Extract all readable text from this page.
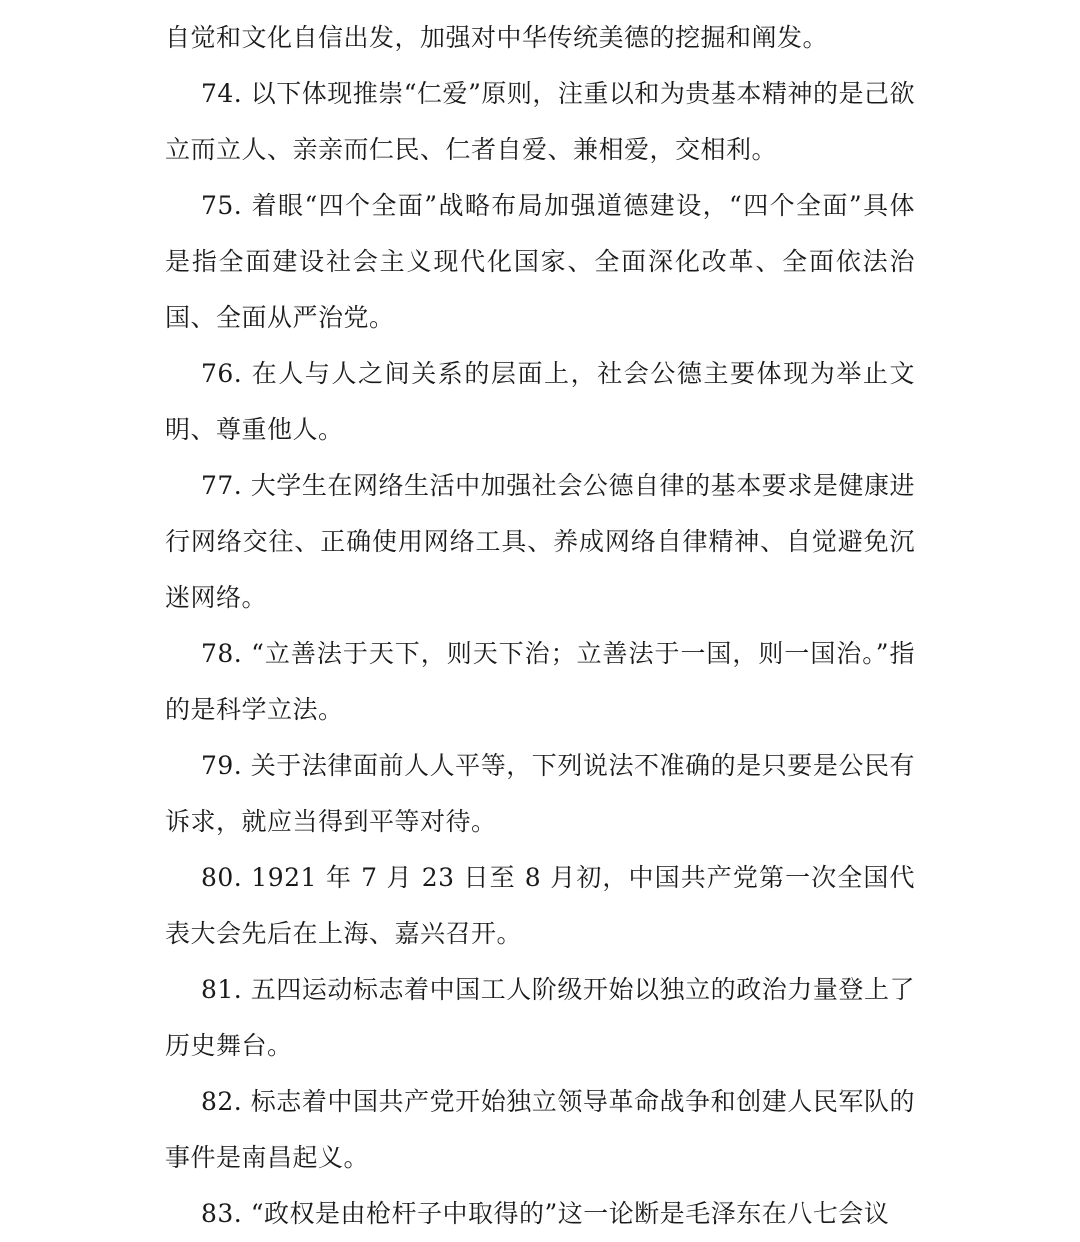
自觉和文化自信出发，加强对中华传统美德的挖掘和阐发。

74. 以下体现推崇“仁爱”原则，注重以和为贵基本精神的是己欲立而立人、亲亲而仁民、仁者自爱、兼相爱，交相利。

75. 着眼“四个全面”战略布局加强道德建设，“四个全面”具体是指全面建设社会主义现代化国家、全面深化改革、全面依法治国、全面从严治党。

76. 在人与人之间关系的层面上，社会公德主要体现为举止文明、尊重他人。

77. 大学生在网络生活中加强社会公德自律的基本要求是健康进行网络交往、正确使用网络工具、养成网络自律精神、自觉避免沉迷网络。

78. “立善法于天下，则天下治；立善法于一国，则一国治。”指的是科学立法。

79. 关于法律面前人人平等，下列说法不准确的是只要是公民有诉求，就应当得到平等对待。

80. 1921 年 7 月 23 日至 8 月初，中国共产党第一次全国代表大会先后在上海、嘉兴召开。

81. 五四运动标志着中国工人阶级开始以独立的政治力量登上了历史舞台。

82. 标志着中国共产党开始独立领导革命战争和创建人民军队的事件是南昌起义。

83. “政权是由枪杆子中取得的”这一论断是毛泽东在八七会议
